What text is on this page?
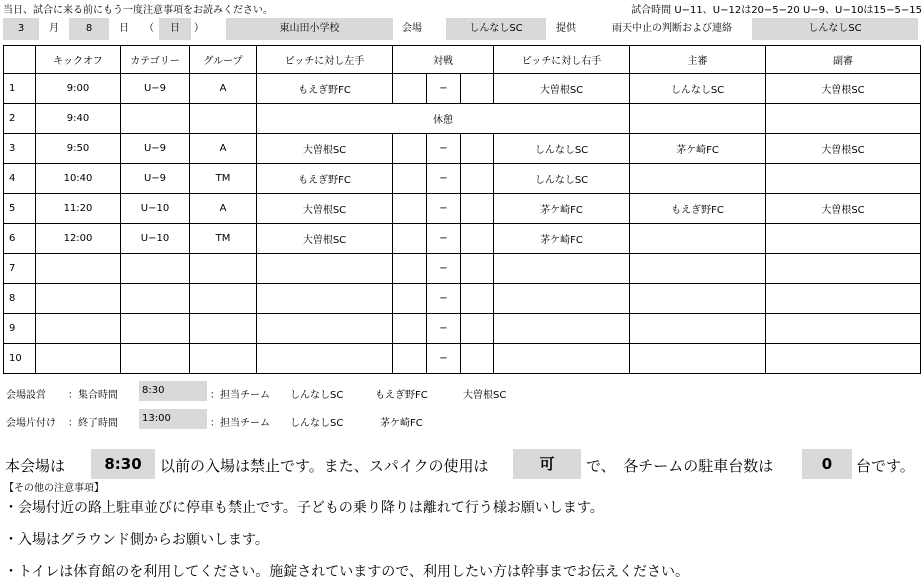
当日、試合に来る前にもう一度注意事項をお読みください。	試合時間 U−11、U−12は20−5−20 U−9、U−10は15−5−15
3	月	8	日	（	日	）	東山田小学校	会場	しんなしSC	提供	雨天中止の判断および連絡	しんなしSC
	キックオフ	カテゴリー	グループ	ピッチに対し左手	対戦			ピッチに対し右手	主審	副審
1	9:00	U−9	A	もえぎ野FC		−		大曽根SC	しんなしSC	大曽根SC
2	9:40			休憩						
3	9:50	U−9	A	大曽根SC		−		しんなしSC	茅ケ崎FC	大曽根SC
4	10:40	U−9	TM	もえぎ野FC		−		しんなしSC		
5	11:20	U−10	A	大曽根SC		−		茅ケ崎FC	もえぎ野FC	大曽根SC
6	12:00	U−10	TM	大曽根SC		−		茅ケ崎FC		
7						−				
8						−				
9						−				
10						−				
会場設営 ：集合時間	8:30	：担当チーム しんなしSC	もえぎ野FC	大曽根SC
会場片付け ：終了時間	13:00	：担当チーム しんなしSC	茅ケ崎FC
本会場は	8:30	以前の入場は禁止です。また、スパイクの使用は	可	で、　各チームの駐車台数は	0	台です。
【その他の注意事項】
・会場付近の路上駐車並びに停車も禁止です。子どもの乗り降りは離れて行う様お願いします。
・入場はグラウンド側からお願いします。
・トイレは体育館のを利用してください。施錠されていますので、利用したい方は幹事までお伝えください。
